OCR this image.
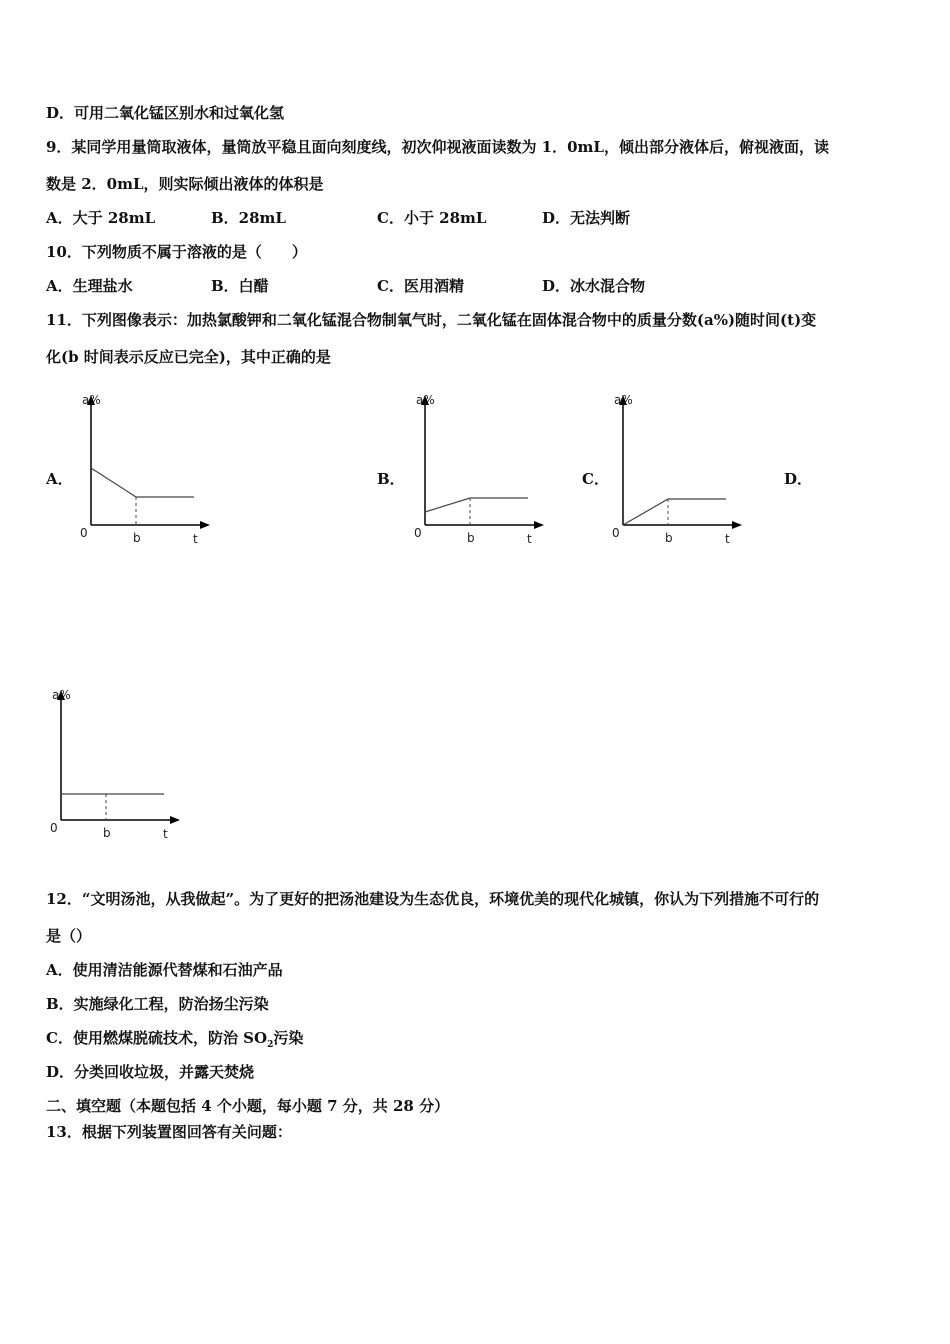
D．可用二氧化锰区别水和过氧化氢
9．某同学用量筒取液体，量筒放平稳且面向刻度线，初次仰视液面读数为 1．0mL，倾出部分液体后，俯视液面，读
数是 2．0mL，则实际倾出液体的体积是
A．大于 28mL	B．28mL	C．小于 28mL	D．无法判断
10．下列物质不属于溶液的是（　　）
A．生理盐水	B．白醋	C．医用酒精	D．冰水混合物
11．下列图像表示：加热氯酸钾和二氧化锰混合物制氧气时，二氧化锰在固体混合物中的质量分数(a%)随时间(t)变
化(b 时间表示反应已完全)，其中正确的是
A．	B．	C．	D．
a%
0	b	t
a%
0	b	t
a%
0	b	t
a%
0	b	t
12．“文明汤池，从我做起”。为了更好的把汤池建设为生态优良，环境优美的现代化城镇，你认为下列措施不可行的
是（）
A．使用清洁能源代替煤和石油产品
B．实施绿化工程，防治扬尘污染
C．使用燃煤脱硫技术，防治 $SO_2$污染
D．分类回收垃圾，并露天焚烧
二、填空题（本题包括 4 个小题，每小题 7 分，共 28 分）
13．根据下列装置图回答有关问题：
